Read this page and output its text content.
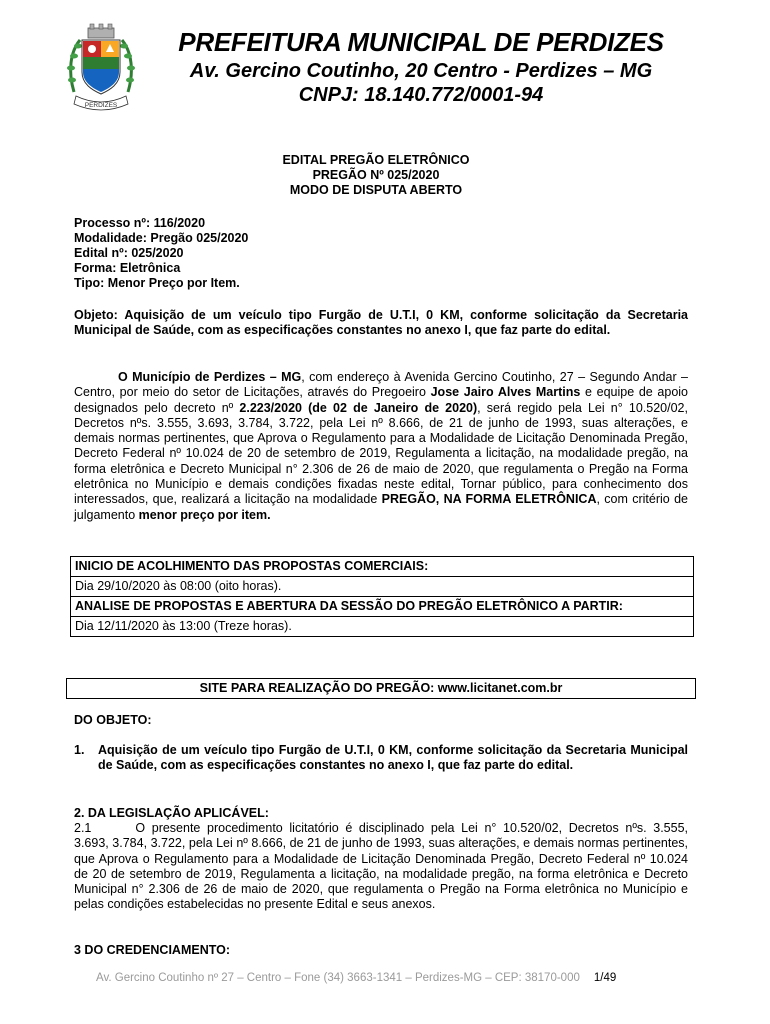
PERDIZES
PREFEITURA MUNICIPAL DE PERDIZES
Av. Gercino Coutinho, 20 Centro - Perdizes – MG
CNPJ: 18.140.772/0001-94
EDITAL PREGÃO ELETRÔNICO
PREGÃO Nº 025/2020
MODO DE DISPUTA ABERTO
Processo nº: 116/2020
Modalidade: Pregão 025/2020
Edital nº: 025/2020
Forma: Eletrônica
Tipo: Menor Preço por Item.
Objeto: Aquisição de um veículo tipo Furgão de U.T.I, 0 KM, conforme solicitação da Secretaria Municipal de Saúde, com as especificações constantes no anexo I, que faz parte do edital.
O Município de Perdizes – MG, com endereço à Avenida Gercino Coutinho, 27 – Segundo Andar – Centro, por meio do setor de Licitações, através do Pregoeiro Jose Jairo Alves Martins e equipe de apoio designados pelo decreto nº 2.223/2020 (de 02 de Janeiro de 2020), será regido pela Lei n° 10.520/02, Decretos nºs. 3.555, 3.693, 3.784, 3.722, pela Lei nº 8.666, de 21 de junho de 1993, suas alterações, e demais normas pertinentes, que Aprova o Regulamento para a Modalidade de Licitação Denominada Pregão, Decreto Federal nº 10.024 de 20 de setembro de 2019, Regulamenta a licitação, na modalidade pregão, na forma eletrônica e Decreto Municipal n° 2.306 de 26 de maio de 2020, que regulamenta o Pregão na Forma eletrônica no Município e demais condições fixadas neste edital, Tornar público, para conhecimento dos interessados, que, realizará a licitação na modalidade PREGÃO, NA FORMA ELETRÔNICA, com critério de julgamento menor preço por item.
INICIO DE ACOLHIMENTO DAS PROPOSTAS COMERCIAIS:
Dia 29/10/2020 às 08:00 (oito horas).
ANALISE DE PROPOSTAS E ABERTURA DA SESSÃO DO PREGÃO ELETRÔNICO A PARTIR:
Dia 12/11/2020 às 13:00 (Treze horas).
SITE PARA REALIZAÇÃO DO PREGÃO: www.licitanet.com.br
DO OBJETO:
1. Aquisição de um veículo tipo Furgão de U.T.I, 0 KM, conforme solicitação da Secretaria Municipal de Saúde, com as especificações constantes no anexo I, que faz parte do edital.
2. DA LEGISLAÇÃO APLICÁVEL:
2.1	O presente procedimento licitatório é disciplinado pela Lei n° 10.520/02, Decretos nºs. 3.555, 3.693, 3.784, 3.722, pela Lei nº 8.666, de 21 de junho de 1993, suas alterações, e demais normas pertinentes, que Aprova o Regulamento para a Modalidade de Licitação Denominada Pregão, Decreto Federal nº 10.024 de 20 de setembro de 2019, Regulamenta a licitação, na modalidade pregão, na forma eletrônica e Decreto Municipal n° 2.306 de 26 de maio de 2020, que regulamenta o Pregão na Forma eletrônica no Município e pelas condições estabelecidas no presente Edital e seus anexos.
3 DO CREDENCIAMENTO:
Av. Gercino Coutinho nº 27 – Centro – Fone (34) 3663-1341 – Perdizes-MG – CEP: 38170-000 1/49
